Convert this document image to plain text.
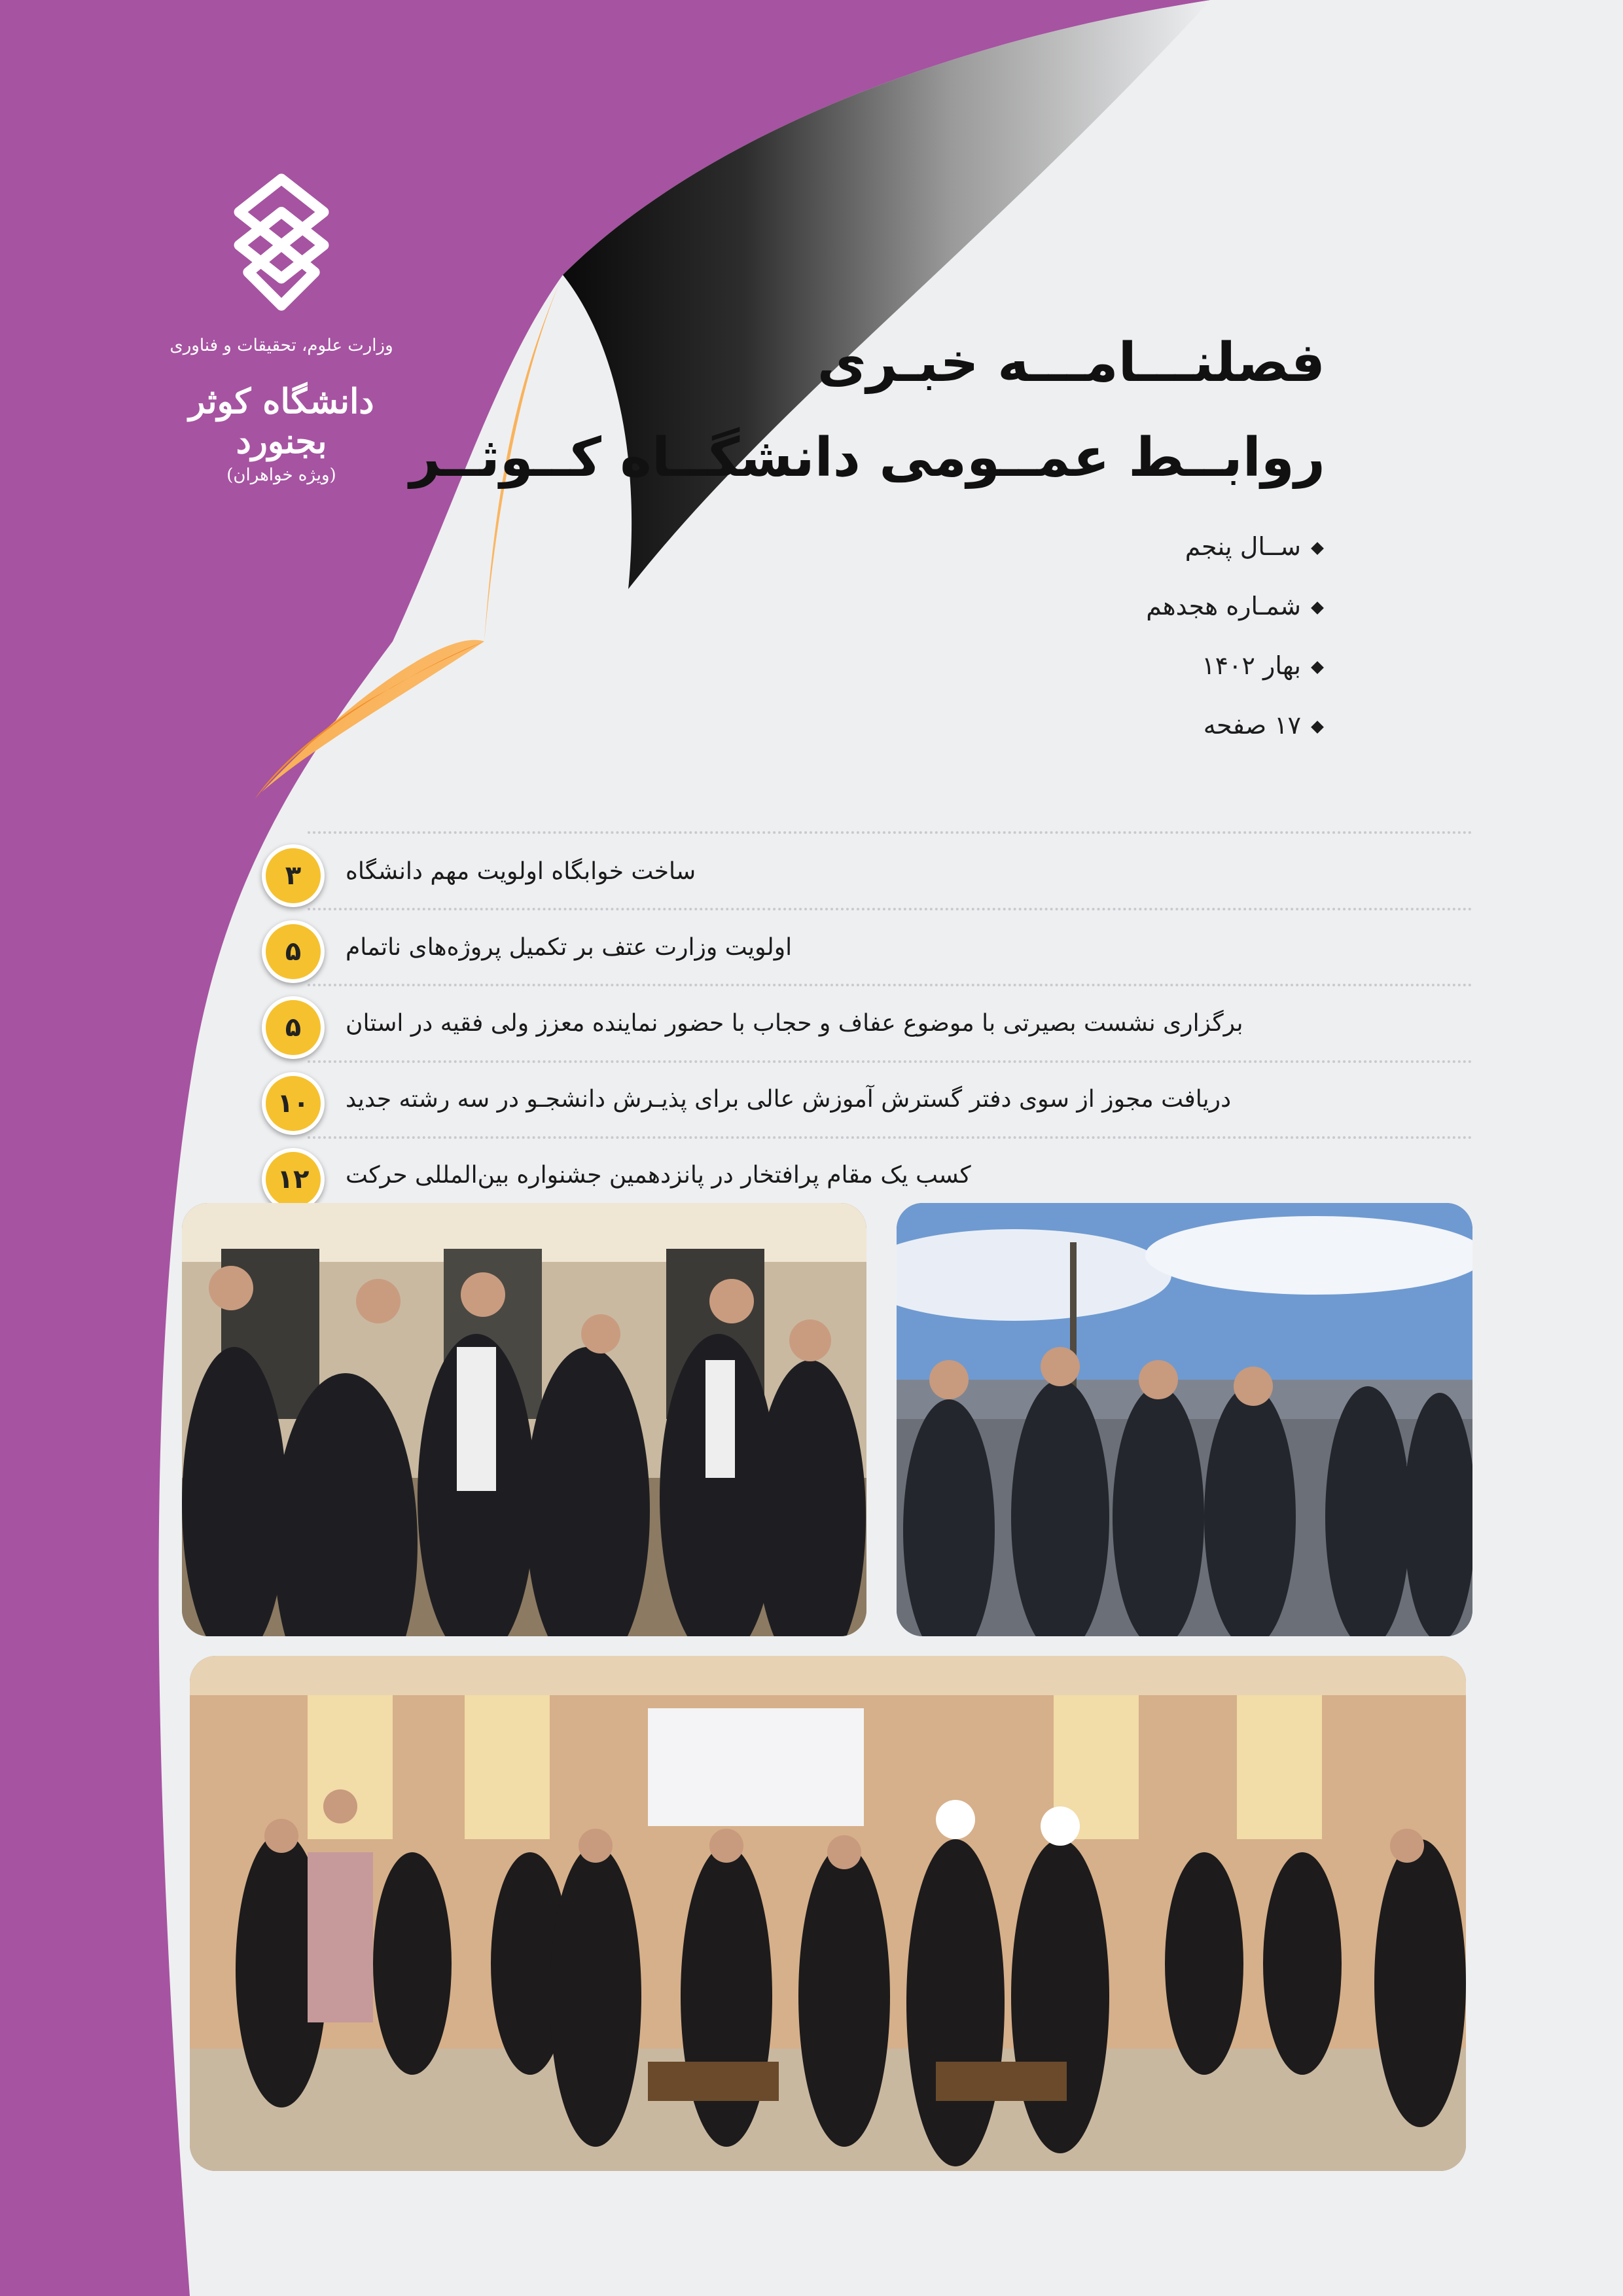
وزارت علوم، تحقیقات و فناوری
دانشگاه کوثر بجنورد
(ویژه خواهران)
فصلنـــامـــه خبـری
روابــط عمــومی دانشگــاه کــوثــر
ســال پنجم
شمـاره هجدهم
بهار ۱۴۰۲
۱۷ صفحه
۳	ساخت خوابگاه اولویت مهم دانشگاه
۵	اولویت وزارت عتف بر تکمیل پروژه‌های ناتمام
۵	برگزاری نشست بصیرتی با موضوع عفاف و حجاب با حضور نماینده معزز ولی فقیه در استان
۱۰	دریافت مجوز از سوی دفتر گسترش آموزش عالی برای پذیـرش دانشجـو در سه رشته جدید
۱۲	کسب یک مقام پرافتخار در پانزدهمین جشنواره بین‌المللی حرکت
